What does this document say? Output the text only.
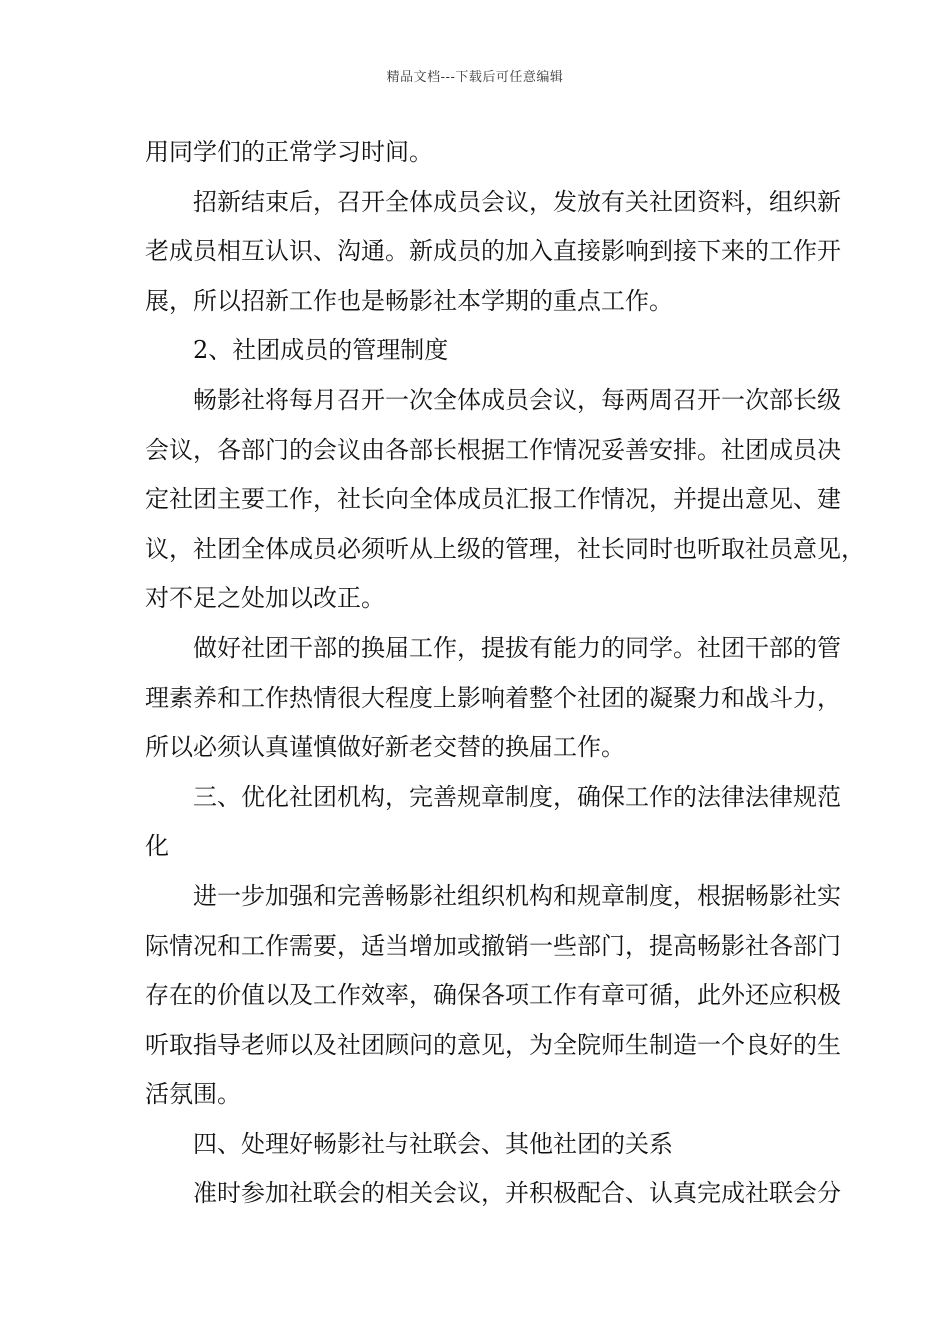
精品文档---下载后可任意编辑
用同学们的正常学习时间。
招新结束后，召开全体成员会议，发放有关社团资料，组织新
老成员相互认识、沟通。新成员的加入直接影响到接下来的工作开
展，所以招新工作也是畅影社本学期的重点工作。
2、社团成员的管理制度
畅影社将每月召开一次全体成员会议，每两周召开一次部长级
会议，各部门的会议由各部长根据工作情况妥善安排。社团成员决
定社团主要工作，社长向全体成员汇报工作情况，并提出意见、建
议，社团全体成员必须听从上级的管理，社长同时也听取社员意见，
对不足之处加以改正。
做好社团干部的换届工作，提拔有能力的同学。社团干部的管
理素养和工作热情很大程度上影响着整个社团的凝聚力和战斗力，
所以必须认真谨慎做好新老交替的换届工作。
三、优化社团机构，完善规章制度，确保工作的法律法律规范
化
进一步加强和完善畅影社组织机构和规章制度，根据畅影社实
际情况和工作需要，适当增加或撤销一些部门，提高畅影社各部门
存在的价值以及工作效率，确保各项工作有章可循，此外还应积极
听取指导老师以及社团顾问的意见，为全院师生制造一个良好的生
活氛围。
四、处理好畅影社与社联会、其他社团的关系
准时参加社联会的相关会议，并积极配合、认真完成社联会分
